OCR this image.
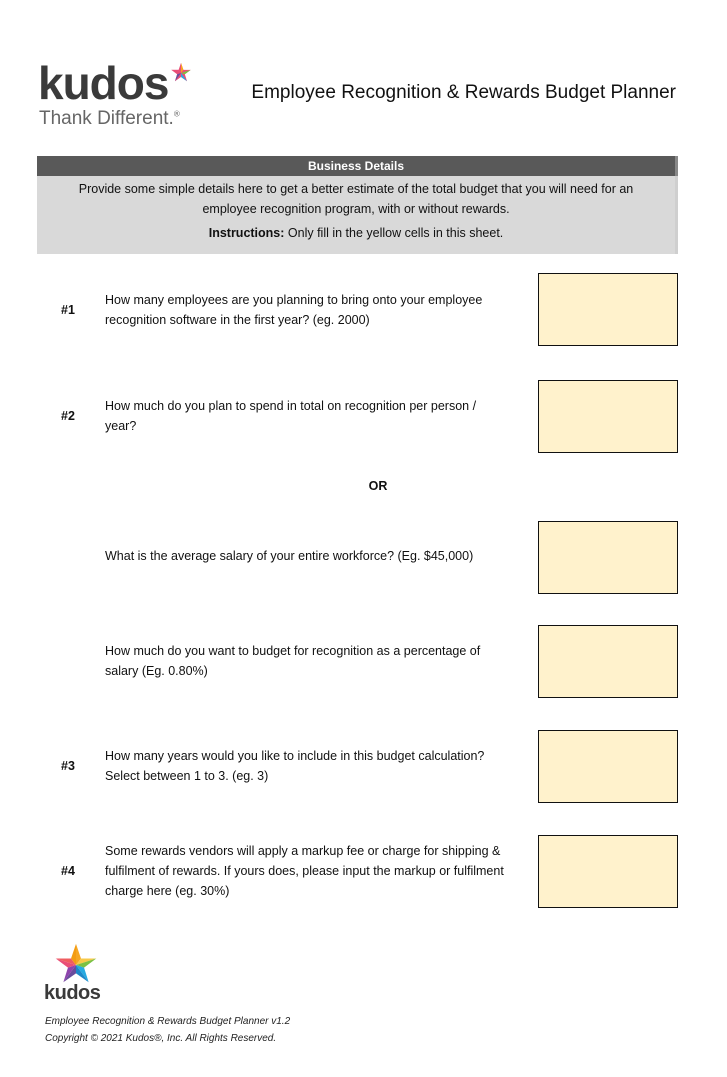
kudos
Thank Different.®
Employee Recognition & Rewards Budget Planner
Business Details
Provide some simple details here to get a better estimate of the total budget that you will need for an employee recognition program, with or without rewards.
Instructions: Only fill in the yellow cells in this sheet.
#1
How many employees are you planning to bring onto your employee recognition software in the first year? (eg. 2000)
#2
How much do you plan to spend in total on recognition per person / year?
OR
What is the average salary of your entire workforce? (Eg. $45,000)
How much do you want to budget for recognition as a percentage of salary (Eg. 0.80%)
#3
How many years would you like to include in this budget calculation? Select between 1 to 3. (eg. 3)
#4
Some rewards vendors will apply a markup fee or charge for shipping & fulfilment of rewards. If yours does, please input the markup or fulfilment charge here (eg. 30%)
kudos
Employee Recognition & Rewards Budget Planner v1.2
Copyright © 2021 Kudos®, Inc. All Rights Reserved.
